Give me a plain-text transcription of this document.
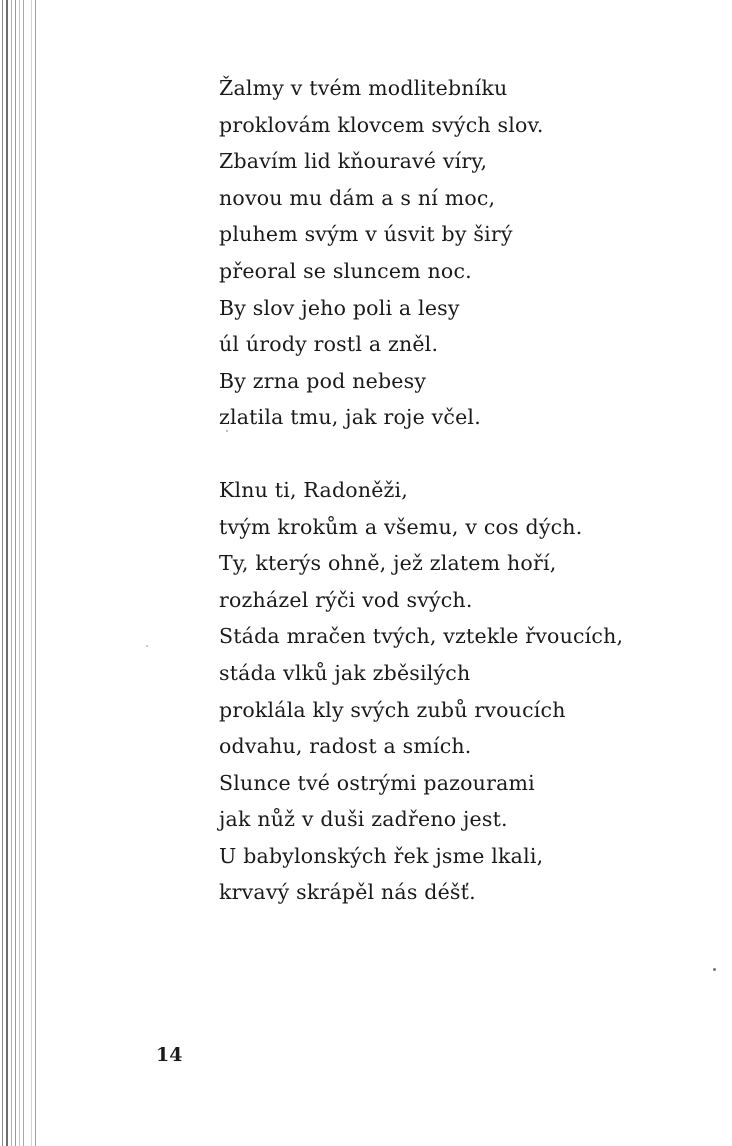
Žalmy v tvém modlitebníku
proklovám klovcem svých slov.
Zbavím lid kňouravé víry,
novou mu dám a s ní moc,
pluhem svým v úsvit by širý
přeoral se sluncem noc.
By slov jeho poli a lesy
úl úrody rostl a zněl.
By zrna pod nebesy
zlatila tmu, jak roje včel.
Klnu ti, Radoněži,
tvým krokům a všemu, v cos dých.
Ty, kterýs ohně, jež zlatem hoří,
rozházel rýči vod svých.
Stáda mračen tvých, vztekle řvoucích,
stáda vlků jak zběsilých
proklála kly svých zubů rvoucích
odvahu, radost a smích.
Slunce tvé ostrými pazourami
jak nůž v duši zadřeno jest.
U babylonských řek jsme lkali,
krvavý skrápěl nás déšť.
14
